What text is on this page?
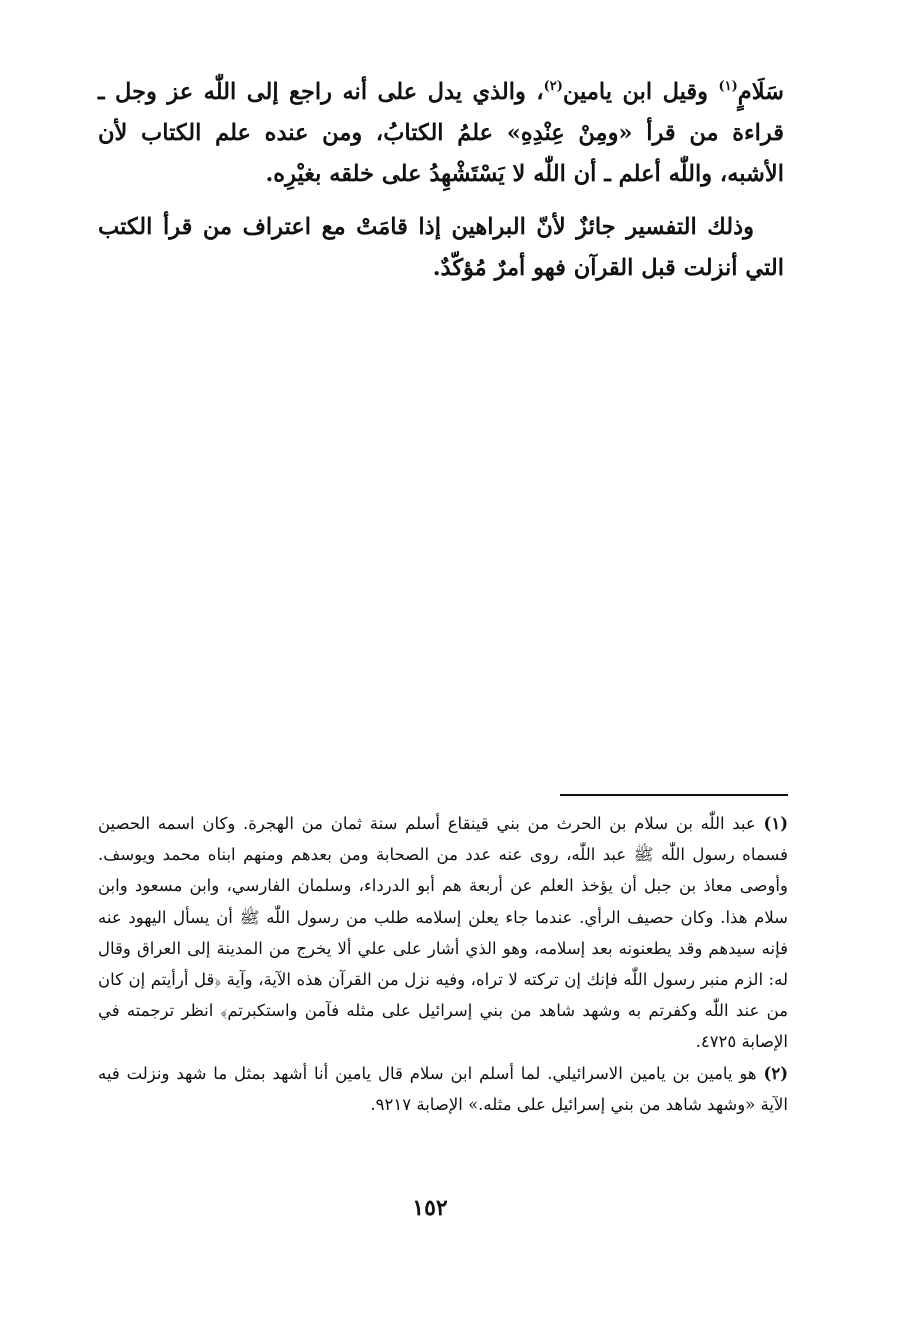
سَلَامٍ$^{(١)}$ وقيل ابن يامين$^{(٢)}$، والذي يدل على أنه راجع إلى اللّٰه عز وجل ـ قراءة من قرأ «ومِنْ عِنْدِهِ» علمُ الكتابُ، ومن عنده علم الكتاب لأن الأشبه، واللّٰه أعلم ـ أن اللّٰه لا يَسْتَشْهِدُ على خلقه بغيْرِه.

وذلك التفسير جائزٌ لأنّ البراهين إذا قامَتْ مع اعتراف من قرأ الكتب التي أنزلت قبل القرآن فهو أمرٌ مُؤكّدٌ.

(١) عبد اللّٰه بن سلام بن الحرث من بني قينقاع أسلم سنة ثمان من الهجرة. وكان اسمه الحصين فسماه رسول اللّٰه ﷺ عبد اللّٰه، روى عنه عدد من الصحابة ومن بعدهم ومنهم ابناه محمد ويوسف. وأوصى معاذ بن جبل أن يؤخذ العلم عن أربعة هم أبو الدرداء، وسلمان الفارسي، وابن مسعود وابن سلام هذا. وكان حصيف الرأي. عندما جاء يعلن إسلامه طلب من رسول اللّٰه ﷺ أن يسأل اليهود عنه فإنه سيدهم وقد يطعنونه بعد إسلامه، وهو الذي أشار على علي ألا يخرج من المدينة إلى العراق وقال له: الزم منبر رسول اللّٰه فإنك إن تركته لا تراه، وفيه نزل من القرآن هذه الآية، وآية ﴿قل أرأيتم إن كان من عند اللّٰه وكفرتم به وشهد شاهد من بني إسرائيل على مثله فآمن واستكبرتم﴾ انظر ترجمته في الإصابة ٤٧٢٥.

(٢) هو يامين بن يامين الاسرائيلي. لما أسلم ابن سلام قال يامين أنا أشهد بمثل ما شهد ونزلت فيه الآية «وشهد شاهد من بني إسرائيل على مثله.» الإصابة ٩٢١٧.

١٥٢
